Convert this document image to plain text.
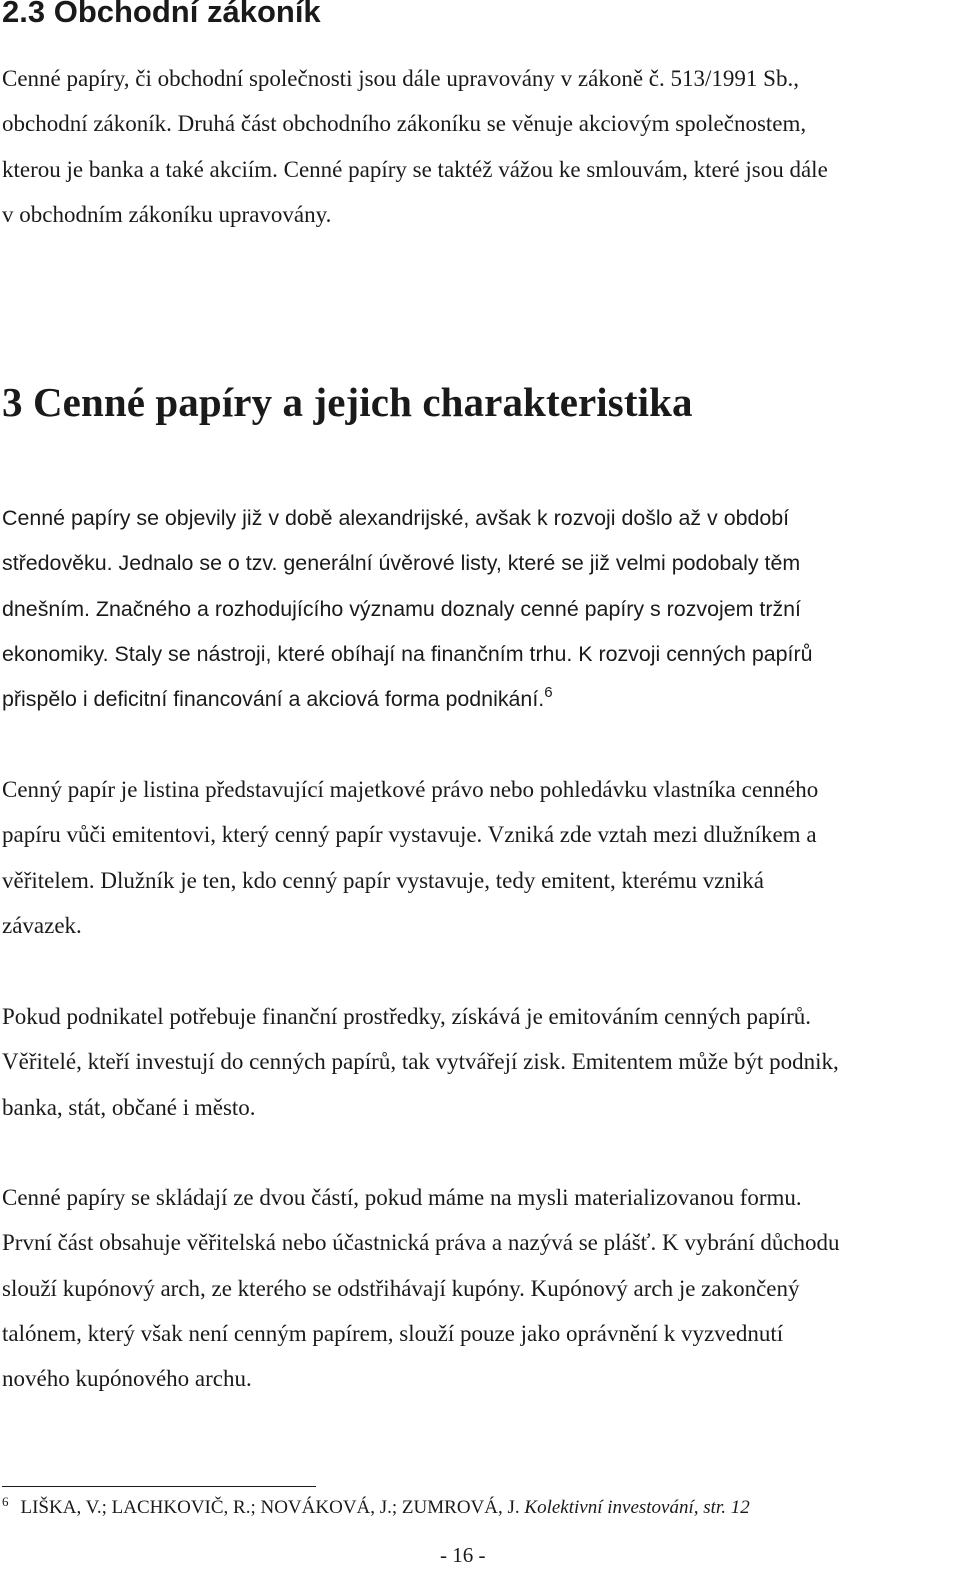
2.3 Obchodní zákoník

Cenné papíry, či obchodní společnosti jsou dále upravovány v zákoně č. 513/1991 Sb.,
obchodní zákoník. Druhá část obchodního zákoníku se věnuje akciovým společnostem,
kterou je banka a také akciím. Cenné papíry se taktéž vážou ke smlouvám, které jsou dále
v obchodním zákoníku upravovány.

3 Cenné papíry a jejich charakteristika

Cenné papíry se objevily již v době alexandrijské, avšak k rozvoji došlo až v období
středověku. Jednalo se o tzv. generální úvěrové listy, které se již velmi podobaly těm
dnešním. Značného a rozhodujícího významu doznaly cenné papíry s rozvojem tržní
ekonomiky. Staly se nástroji, které obíhají na finančním trhu. K rozvoji cenných papírů
přispělo i deficitní financování a akciová forma podnikání.$^6$

Cenný papír je listina představující majetkové právo nebo pohledávku vlastníka cenného
papíru vůči emitentovi, který cenný papír vystavuje. Vzniká zde vztah mezi dlužníkem a
věřitelem. Dlužník je ten, kdo cenný papír vystavuje, tedy emitent, kterému vzniká
závazek.

Pokud podnikatel potřebuje finanční prostředky, získává je emitováním cenných papírů.
Věřitelé, kteří investují do cenných papírů, tak vytvářejí zisk. Emitentem může být podnik,
banka, stát, občané i město.

Cenné papíry se skládají ze dvou částí, pokud máme na mysli materializovanou formu.
První část obsahuje věřitelská nebo účastnická práva a nazývá se plášť. K vybrání důchodu
slouží kupónový arch, ze kterého se odstřihávají kupóny. Kupónový arch je zakončený
talónem, který však není cenným papírem, slouží pouze jako oprávnění k vyzvednutí
nového kupónového archu.

$^6$ LIŠKA, V.; LACHKOVIČ, R.; NOVÁKOVÁ, J.; ZUMROVÁ, J. Kolektivní investování, str. 12

- 16 -
